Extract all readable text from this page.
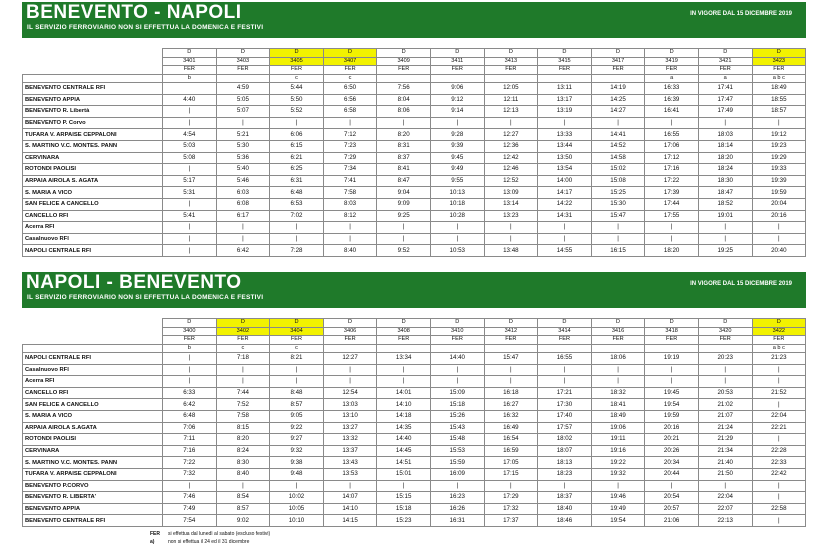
BENEVENTO - NAPOLI
IL SERVIZIO FERROVIARIO NON SI EFFETTUA LA DOMENICA E FESTIVI
IN VIGORE DAL 15 DICEMBRE 2019
	D	D	D	D	D	D	D	D	D	D	D	D
	3401	3403	3405	3407	3409	3411	3413	3415	3417	3419	3421	3423
	FER	FER	FER	FER	FER	FER	FER	FER	FER	FER	FER	FER
	b		c	c						a	a	a b c
BENEVENTO CENTRALE RFI		4:59	5:44	6:50	7:56	9:06	12:05	13:11	14:19	16:33	17:41	18:49
BENEVENTO APPIA	4:40	5:05	5:50	6:56	8:04	9:12	12:11	13:17	14:25	16:39	17:47	18:55
BENEVENTO R. Libertà	|	5:07	5:52	6:58	8:06	9:14	12:13	13:19	14:27	16:41	17:49	18:57
BENEVENTO P. Corvo	|	|	|	|	|	|	|	|	|	|	|	|
TUFARA V. ARPAISE CEPPALONI	4:54	5:21	6:06	7:12	8:20	9:28	12:27	13:33	14:41	16:55	18:03	19:12
S. MARTINO V.C. MONTES. PANN	5:03	5:30	6:15	7:23	8:31	9:39	12:36	13:44	14:52	17:06	18:14	19:23
CERVINARA	5:08	5:36	6:21	7:29	8:37	9:45	12:42	13:50	14:58	17:12	18:20	19:29
ROTONDI PAOLISI	|	5:40	6:25	7:34	8:41	9:49	12:46	13:54	15:02	17:16	18:24	19:33
ARPAIA AIROLA S. AGATA	5:17	5:46	6:31	7:41	8:47	9:55	12:52	14:00	15:08	17:22	18:30	19:39
S. MARIA A VICO	5:31	6:03	6:48	7:58	9:04	10:13	13:09	14:17	15:25	17:39	18:47	19:59
SAN FELICE A CANCELLO	|	6:08	6:53	8:03	9:09	10:18	13:14	14:22	15:30	17:44	18:52	20:04
CANCELLO RFI	5:41	6:17	7:02	8:12	9:25	10:28	13:23	14:31	15:47	17:55	19:01	20:16
Acerra RFI	|	|	|	|	|	|	|	|	|	|	|	|
Casalnuovo RFI	|	|	|	|	|	|	|	|	|	|	|	|
NAPOLI CENTRALE RFI	|	6:42	7:28	8:40	9:52	10:53	13:48	14:55	16:15	18:20	19:25	20:40
NAPOLI - BENEVENTO
IL SERVIZIO FERROVIARIO NON SI EFFETTUA LA DOMENICA E FESTIVI
IN VIGORE DAL 15 DICEMBRE 2019
	D	D	D	D	D	D	D	D	D	D	D	D
	3400	3402	3404	3406	3408	3410	3412	3414	3416	3418	3420	3422
	FER	FER	FER	FER	FER	FER	FER	FER	FER	FER	FER	FER
	b	c	c									a b c
NAPOLI CENTRALE RFI	|	7:18	8:21	12:27	13:34	14:40	15:47	16:55	18:06	19:19	20:23	21:23
Casalnuovo RFI	|	|	|	|	|	|	|	|	|	|	|	|
Acerra RFI	|	|	|	|	|	|	|	|	|	|	|	|
CANCELLO RFI	6:33	7:44	8:48	12:54	14:01	15:09	16:18	17:21	18:32	19:45	20:53	21:52
SAN FELICE A CANCELLO	6:42	7:52	8:57	13:03	14:10	15:18	16:27	17:30	18:41	19:54	21:02	|
S. MARIA A VICO	6:48	7:58	9:05	13:10	14:18	15:26	16:32	17:40	18:49	19:59	21:07	22:04
ARPAIA AIROLA S.AGATA	7:06	8:15	9:22	13:27	14:35	15:43	16:49	17:57	19:06	20:16	21:24	22:21
ROTONDI PAOLISI	7:11	8:20	9:27	13:32	14:40	15:48	16:54	18:02	19:11	20:21	21:29	|
CERVINARA	7:16	8:24	9:32	13:37	14:45	15:53	16:59	18:07	19:16	20:26	21:34	22:28
S. MARTINO V.C. MONTES. PANN	7:22	8:30	9:38	13:43	14:51	15:59	17:05	18:13	19:22	20:34	21:40	22:33
TUFARA V. ARPAISE CEPPALONI	7:32	8:40	9:48	13:53	15:01	16:09	17:15	18:23	19:32	20:44	21:50	22:42
BENEVENTO P.CORVO	|	|	|	|	|	|	|	|	|	|	|	|
BENEVENTO R. LIBERTA'	7:46	8:54	10:02	14:07	15:15	16:23	17:29	18:37	19:46	20:54	22:04	|
BENEVENTO APPIA	7:49	8:57	10:05	14:10	15:18	16:26	17:32	18:40	19:49	20:57	22:07	22:58
BENEVENTO CENTRALE RFI	7:54	9:02	10:10	14:15	15:23	16:31	17:37	18:46	19:54	21:06	22:13	|
FER si effettua dal lunedì al sabato (escluso festivi)
a)	non si effettua il 24 ed il 31 dicembre
